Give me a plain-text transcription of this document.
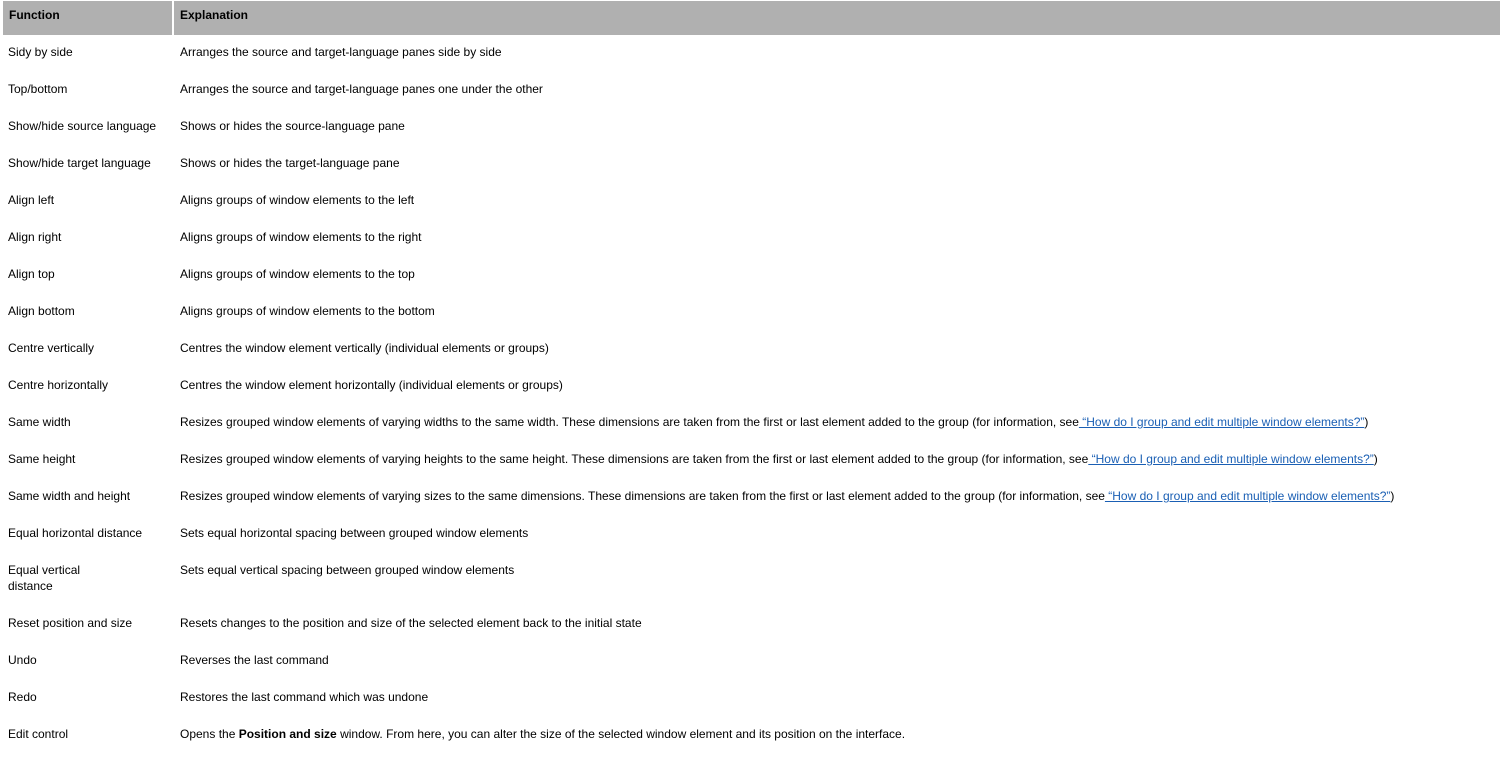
Function	Explanation
Sidy by side	Arranges the source and target-language panes side by side
Top/bottom	Arranges the source and target-language panes one under the other
Show/hide source language	Shows or hides the source-language pane
Show/hide target language	Shows or hides the target-language pane
Align left	Aligns groups of window elements to the left
Align right	Aligns groups of window elements to the right
Align top	Aligns groups of window elements to the top
Align bottom	Aligns groups of window elements to the bottom
Centre vertically	Centres the window element vertically (individual elements or groups)
Centre horizontally	Centres the window element horizontally (individual elements or groups)
Same width	Resizes grouped window elements of varying widths to the same width. These dimensions are taken from the first or last element added to the group (for information, see “How do I group and edit multiple window elements?”)
Same height	Resizes grouped window elements of varying heights to the same height. These dimensions are taken from the first or last element added to the group (for information, see “How do I group and edit multiple window elements?”)
Same width and height	Resizes grouped window elements of varying sizes to the same dimensions. These dimensions are taken from the first or last element added to the group (for information, see “How do I group and edit multiple window elements?”)
Equal horizontal distance	Sets equal horizontal spacing between grouped window elements

Equal vertical distance	Sets equal vertical spacing between grouped window elements
Reset position and size	Resets changes to the position and size of the selected element back to the initial state
Undo	Reverses the last command
Redo	Restores the last command which was undone
Edit control	Opens the Position and size window. From here, you can alter the size of the selected window element and its position on the interface.
